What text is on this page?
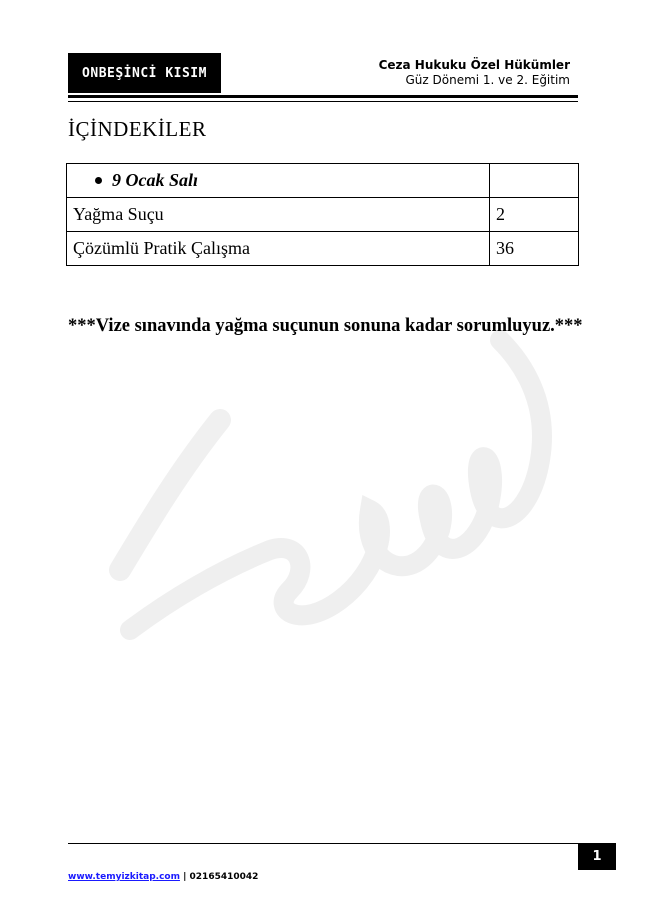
ONBEŞİNCİ KISIM
Ceza Hukuku Özel Hükümler
Güz Dönemi 1. ve 2. Eğitim
İÇİNDEKİLER
9 Ocak Salı	
Yağma Suçu	2
Çözümlü Pratik Çalışma	36
***Vize sınavında yağma suçunun sonuna kadar sorumluyuz.***
1
www.temyizkitap.com | 02165410042
